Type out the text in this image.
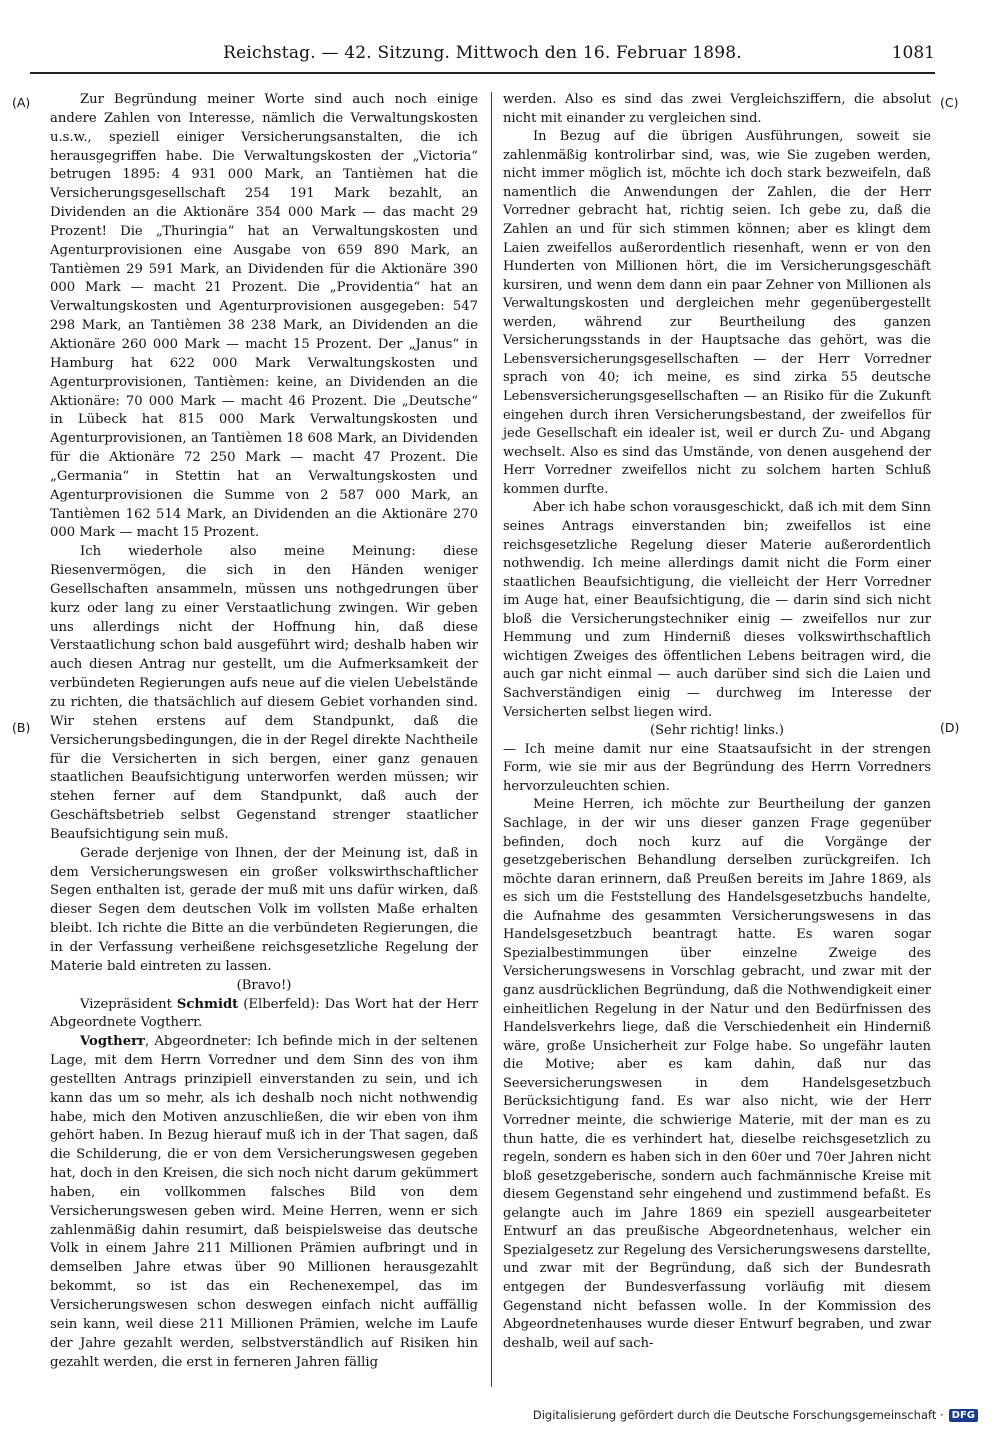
Reichstag. — 42. Sitzung. Mittwoch den 16. Februar 1898.	1081
(A)
(B)
(C)
(D)

Zur Begründung meiner Worte sind auch noch einige andere Zahlen von Interesse, nämlich die Verwaltungskosten u.s.w., speziell einiger Versicherungsanstalten, die ich herausgegriffen habe. Die Verwaltungskosten der „Victoria“ betrugen 1895: 4 931 000 Mark, an Tantièmen hat die Versicherungsgesellschaft 254 191 Mark bezahlt, an Dividenden an die Aktionäre 354 000 Mark — das macht 29 Prozent! Die „Thuringia“ hat an Verwaltungskosten und Agenturprovisionen eine Ausgabe von 659 890 Mark, an Tantièmen 29 591 Mark, an Dividenden für die Aktionäre 390 000 Mark — macht 21 Prozent. Die „Providentia“ hat an Verwaltungskosten und Agenturprovisionen ausgegeben: 547 298 Mark, an Tantièmen 38 238 Mark, an Dividenden an die Aktionäre 260 000 Mark — macht 15 Prozent. Der „Janus“ in Hamburg hat 622 000 Mark Verwaltungskosten und Agenturprovisionen, Tantièmen: keine, an Dividenden an die Aktionäre: 70 000 Mark — macht 46 Prozent. Die „Deutsche“ in Lübeck hat 815 000 Mark Verwaltungskosten und Agenturprovisionen, an Tantièmen 18 608 Mark, an Dividenden für die Aktionäre 72 250 Mark — macht 47 Prozent. Die „Germania“ in Stettin hat an Verwaltungskosten und Agenturprovisionen die Summe von 2 587 000 Mark, an Tantièmen 162 514 Mark, an Dividenden an die Aktionäre 270 000 Mark — macht 15 Prozent.

Ich wiederhole also meine Meinung: diese Riesenvermögen, die sich in den Händen weniger Gesellschaften ansammeln, müssen uns nothgedrungen über kurz oder lang zu einer Verstaatlichung zwingen. Wir geben uns allerdings nicht der Hoffnung hin, daß diese Verstaatlichung schon bald ausgeführt wird; deshalb haben wir auch diesen Antrag nur gestellt, um die Aufmerksamkeit der verbündeten Regierungen aufs neue auf die vielen Uebelstände zu richten, die thatsächlich auf diesem Gebiet vorhanden sind. Wir stehen erstens auf dem Standpunkt, daß die Versicherungsbedingungen, die in der Regel direkte Nachtheile für die Versicherten in sich bergen, einer ganz genauen staatlichen Beaufsichtigung unterworfen werden müssen; wir stehen ferner auf dem Standpunkt, daß auch der Geschäftsbetrieb selbst Gegenstand strenger staatlicher Beaufsichtigung sein muß.

Gerade derjenige von Ihnen, der der Meinung ist, daß in dem Versicherungswesen ein großer volkswirthschaftlicher Segen enthalten ist, gerade der muß mit uns dafür wirken, daß dieser Segen dem deutschen Volk im vollsten Maße erhalten bleibt. Ich richte die Bitte an die verbündeten Regierungen, die in der Verfassung verheißene reichsgesetzliche Regelung der Materie bald eintreten zu lassen.

(Bravo!)

Vizepräsident Schmidt (Elberfeld): Das Wort hat der Herr Abgeordnete Vogtherr.

Vogtherr, Abgeordneter: Ich befinde mich in der seltenen Lage, mit dem Herrn Vorredner und dem Sinn des von ihm gestellten Antrags prinzipiell einverstanden zu sein, und ich kann das um so mehr, als ich deshalb noch nicht nothwendig habe, mich den Motiven anzuschließen, die wir eben von ihm gehört haben. In Bezug hierauf muß ich in der That sagen, daß die Schilderung, die er von dem Versicherungswesen gegeben hat, doch in den Kreisen, die sich noch nicht darum gekümmert haben, ein vollkommen falsches Bild von dem Versicherungswesen geben wird. Meine Herren, wenn er sich zahlenmäßig dahin resumirt, daß beispielsweise das deutsche Volk in einem Jahre 211 Millionen Prämien aufbringt und in demselben Jahre etwas über 90 Millionen herausgezahlt bekommt, so ist das ein Rechenexempel, das im Versicherungswesen schon deswegen einfach nicht auffällig sein kann, weil diese 211 Millionen Prämien, welche im Laufe der Jahre gezahlt werden, selbstverständlich auf Risiken hin gezahlt werden, die erst in ferneren Jahren fällig

werden. Also es sind das zwei Vergleichsziffern, die absolut nicht mit einander zu vergleichen sind.

In Bezug auf die übrigen Ausführungen, soweit sie zahlenmäßig kontrolirbar sind, was, wie Sie zugeben werden, nicht immer möglich ist, möchte ich doch stark bezweifeln, daß namentlich die Anwendungen der Zahlen, die der Herr Vorredner gebracht hat, richtig seien. Ich gebe zu, daß die Zahlen an und für sich stimmen können; aber es klingt dem Laien zweifellos außerordentlich riesenhaft, wenn er von den Hunderten von Millionen hört, die im Versicherungsgeschäft kursiren, und wenn dem dann ein paar Zehner von Millionen als Verwaltungskosten und dergleichen mehr gegenübergestellt werden, während zur Beurtheilung des ganzen Versicherungsstands in der Hauptsache das gehört, was die Lebensversicherungsgesellschaften — der Herr Vorredner sprach von 40; ich meine, es sind zirka 55 deutsche Lebensversicherungsgesellschaften — an Risiko für die Zukunft eingehen durch ihren Versicherungsbestand, der zweifellos für jede Gesellschaft ein idealer ist, weil er durch Zu- und Abgang wechselt. Also es sind das Umstände, von denen ausgehend der Herr Vorredner zweifellos nicht zu solchem harten Schluß kommen durfte.

Aber ich habe schon vorausgeschickt, daß ich mit dem Sinn seines Antrags einverstanden bin; zweifellos ist eine reichsgesetzliche Regelung dieser Materie außerordentlich nothwendig. Ich meine allerdings damit nicht die Form einer staatlichen Beaufsichtigung, die vielleicht der Herr Vorredner im Auge hat, einer Beaufsichtigung, die — darin sind sich nicht bloß die Versicherungstechniker einig — zweifellos nur zur Hemmung und zum Hinderniß dieses volkswirthschaftlich wichtigen Zweiges des öffentlichen Lebens beitragen wird, die auch gar nicht einmal — auch darüber sind sich die Laien und Sachverständigen einig — durchweg im Interesse der Versicherten selbst liegen wird.

(Sehr richtig! links.)

— Ich meine damit nur eine Staatsaufsicht in der strengen Form, wie sie mir aus der Begründung des Herrn Vorredners hervorzuleuchten schien.

Meine Herren, ich möchte zur Beurtheilung der ganzen Sachlage, in der wir uns dieser ganzen Frage gegenüber befinden, doch noch kurz auf die Vorgänge der gesetzgeberischen Behandlung derselben zurückgreifen. Ich möchte daran erinnern, daß Preußen bereits im Jahre 1869, als es sich um die Feststellung des Handelsgesetzbuchs handelte, die Aufnahme des gesammten Versicherungswesens in das Handelsgesetzbuch beantragt hatte. Es waren sogar Spezialbestimmungen über einzelne Zweige des Versicherungswesens in Vorschlag gebracht, und zwar mit der ganz ausdrücklichen Begründung, daß die Nothwendigkeit einer einheitlichen Regelung in der Natur und den Bedürfnissen des Handelsverkehrs liege, daß die Verschiedenheit ein Hinderniß wäre, große Unsicherheit zur Folge habe. So ungefähr lauten die Motive; aber es kam dahin, daß nur das Seeversicherungswesen in dem Handelsgesetzbuch Berücksichtigung fand. Es war also nicht, wie der Herr Vorredner meinte, die schwierige Materie, mit der man es zu thun hatte, die es verhindert hat, dieselbe reichsgesetzlich zu regeln, sondern es haben sich in den 60er und 70er Jahren nicht bloß gesetzgeberische, sondern auch fachmännische Kreise mit diesem Gegenstand sehr eingehend und zustimmend befaßt. Es gelangte auch im Jahre 1869 ein speziell ausgearbeiteter Entwurf an das preußische Abgeordnetenhaus, welcher ein Spezialgesetz zur Regelung des Versicherungswesens darstellte, und zwar mit der Begründung, daß sich der Bundesrath entgegen der Bundesverfassung vorläufig mit diesem Gegenstand nicht befassen wolle. In der Kommission des Abgeordnetenhauses wurde dieser Entwurf begraben, und zwar deshalb, weil auf sach-

Digitalisierung gefördert durch die Deutsche Forschungsgemeinschaft · DFG
